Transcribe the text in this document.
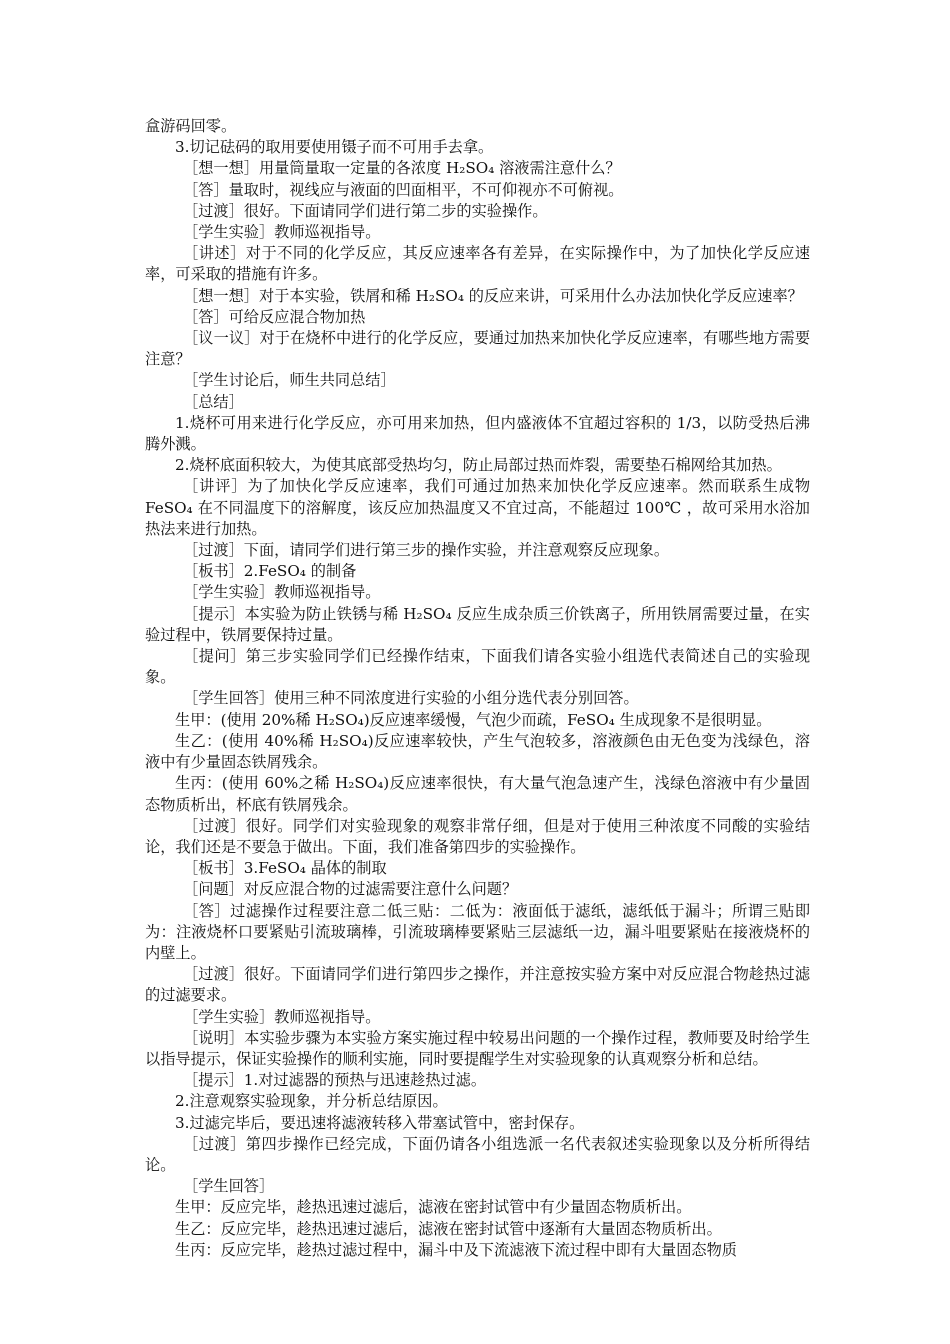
盒游码回零。

3.切记砝码的取用要使用镊子而不可用手去拿。

［想一想］用量筒量取一定量的各浓度 H₂SO₄ 溶液需注意什么？

［答］量取时，视线应与液面的凹面相平，不可仰视亦不可俯视。

［过渡］很好。下面请同学们进行第二步的实验操作。

［学生实验］教师巡视指导。

［讲述］对于不同的化学反应，其反应速率各有差异，在实际操作中，为了加快化学反应速率，可采取的措施有许多。

［想一想］对于本实验，铁屑和稀 H₂SO₄ 的反应来讲，可采用什么办法加快化学反应速率？

［答］可给反应混合物加热

［议一议］对于在烧杯中进行的化学反应，要通过加热来加快化学反应速率，有哪些地方需要注意？

［学生讨论后，师生共同总结］

［总结］

1.烧杯可用来进行化学反应，亦可用来加热，但内盛液体不宜超过容积的 1/3，以防受热后沸腾外溅。

2.烧杯底面积较大，为使其底部受热均匀，防止局部过热而炸裂，需要垫石棉网给其加热。

［讲评］为了加快化学反应速率，我们可通过加热来加快化学反应速率。然而联系生成物 FeSO₄ 在不同温度下的溶解度，该反应加热温度又不宜过高，不能超过 100℃ ，故可采用水浴加热法来进行加热。

［过渡］下面，请同学们进行第三步的操作实验，并注意观察反应现象。

［板书］2.FeSO₄ 的制备

［学生实验］教师巡视指导。

［提示］本实验为防止铁锈与稀 H₂SO₄ 反应生成杂质三价铁离子，所用铁屑需要过量，在实验过程中，铁屑要保持过量。

［提问］第三步实验同学们已经操作结束，下面我们请各实验小组选代表简述自己的实验现象。

［学生回答］使用三种不同浓度进行实验的小组分选代表分别回答。

生甲：(使用 20%稀 H₂SO₄)反应速率缓慢，气泡少而疏，FeSO₄ 生成现象不是很明显。

生乙：(使用 40%稀 H₂SO₄)反应速率较快，产生气泡较多，溶液颜色由无色变为浅绿色，溶液中有少量固态铁屑残余。

生丙：(使用 60%之稀 H₂SO₄)反应速率很快，有大量气泡急速产生，浅绿色溶液中有少量固态物质析出，杯底有铁屑残余。

［过渡］很好。同学们对实验现象的观察非常仔细，但是对于使用三种浓度不同酸的实验结论，我们还是不要急于做出。下面，我们准备第四步的实验操作。

［板书］3.FeSO₄ 晶体的制取

［问题］对反应混合物的过滤需要注意什么问题？

［答］过滤操作过程要注意二低三贴：二低为：液面低于滤纸，滤纸低于漏斗；所谓三贴即为：注液烧杯口要紧贴引流玻璃棒，引流玻璃棒要紧贴三层滤纸一边，漏斗咀要紧贴在接液烧杯的内壁上。

［过渡］很好。下面请同学们进行第四步之操作，并注意按实验方案中对反应混合物趁热过滤的过滤要求。

［学生实验］教师巡视指导。

［说明］本实验步骤为本实验方案实施过程中较易出问题的一个操作过程，教师要及时给学生以指导提示，保证实验操作的顺利实施，同时要提醒学生对实验现象的认真观察分析和总结。

［提示］1.对过滤器的预热与迅速趁热过滤。

2.注意观察实验现象，并分析总结原因。

3.过滤完毕后，要迅速将滤液转移入带塞试管中，密封保存。

［过渡］第四步操作已经完成，下面仍请各小组选派一名代表叙述实验现象以及分析所得结论。

［学生回答］

生甲：反应完毕，趁热迅速过滤后，滤液在密封试管中有少量固态物质析出。

生乙：反应完毕，趁热迅速过滤后，滤液在密封试管中逐渐有大量固态物质析出。

生丙：反应完毕，趁热过滤过程中，漏斗中及下流滤液下流过程中即有大量固态物质
